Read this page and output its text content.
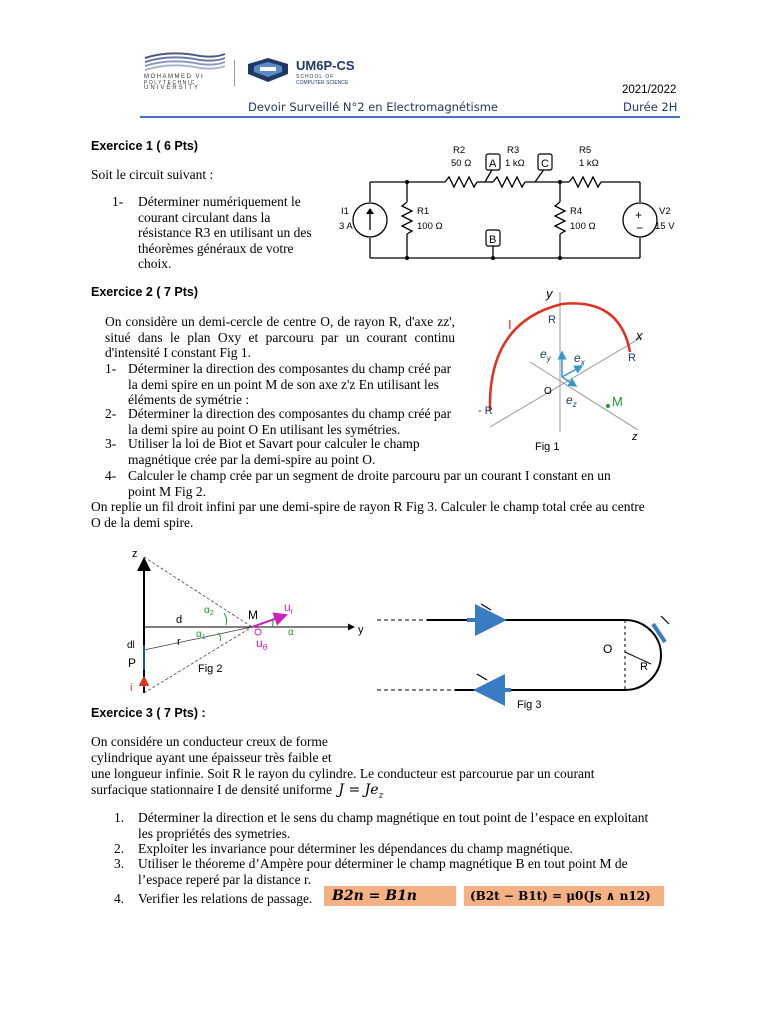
MOHAMMED VI
POLYTECHNIC
UNIVERSITY
UM6P-CS
SCHOOL OF
COMPUTER SCIENCE
2021/2022
Devoir Surveillé N°2 en Electromagnétisme	Durée 2H
Exercice 1 ( 6 Pts)
Soit le circuit suivant :
1- Déterminer numériquement le courant circulant dans la résistance R3 en utilisant un des théorèmes généraux de votre choix.
+
−
A	C
B
R2
50 Ω
R3
1 kΩ
R5
1 kΩ
R1
100 Ω
R4
100 Ω
I1
3 A
V2
15 V
Exercice 2 ( 7 Pts)
On considère un demi-cercle de centre O, de rayon R, d'axe zz', situé dans le plan Oxy et parcouru par un courant continu d'intensité I constant Fig 1.
1- Déterminer la direction des composantes du champ créé par la demi spire en un point M de son axe z'z En utilisant les éléments de symétrie :
2- Déterminer la direction des composantes du champ créé par la demi spire au point O En utilisant les symétries.
3- Utiliser la loi de Biot et Savart pour calculer le champ magnétique crée par la demi-spire au point O.
4- Calculer le champ crée par un segment de droite parcouru par un courant I constant en un point M Fig 2.
On replie un fil droit infini par une demi-spire de rayon R Fig 3. Calculer le champ total crée au centre O de la demi spire.
y
x
z
I	R
R
- R
O
M
$e_y$ $e_x$
$e_z$
Fig 1
z
y
d
r
M
P
dl
i
$\alpha_2$
$\alpha_1$	α
$u_r$
$u_\theta$
Fig 2
O
R
Fig 3
Exercice 3 ( 7 Pts) :
On considére un conducteur creux de forme
cylindrique ayant une épaisseur très faible et
une longueur infinie. Soit R le rayon du cylindre. Le conducteur est parcourue par un courant
surfacique stationnaire I de densité uniforme $J = Je_z$
1. Déterminer la direction et le sens du champ magnétique en tout point de l’espace en exploitant les propriétés des symetries.
2. Exploiter les invariance pour déterminer les dépendances du champ magnétique.
3. Utiliser le théoreme d’Ampère pour déterminer le champ magnétique B en tout point M de l’espace reperé par la distance r.
4. Verifier les relations de passage.	B2n = B1n	(B2t − B1t) = μ0(Js ∧ n12)
